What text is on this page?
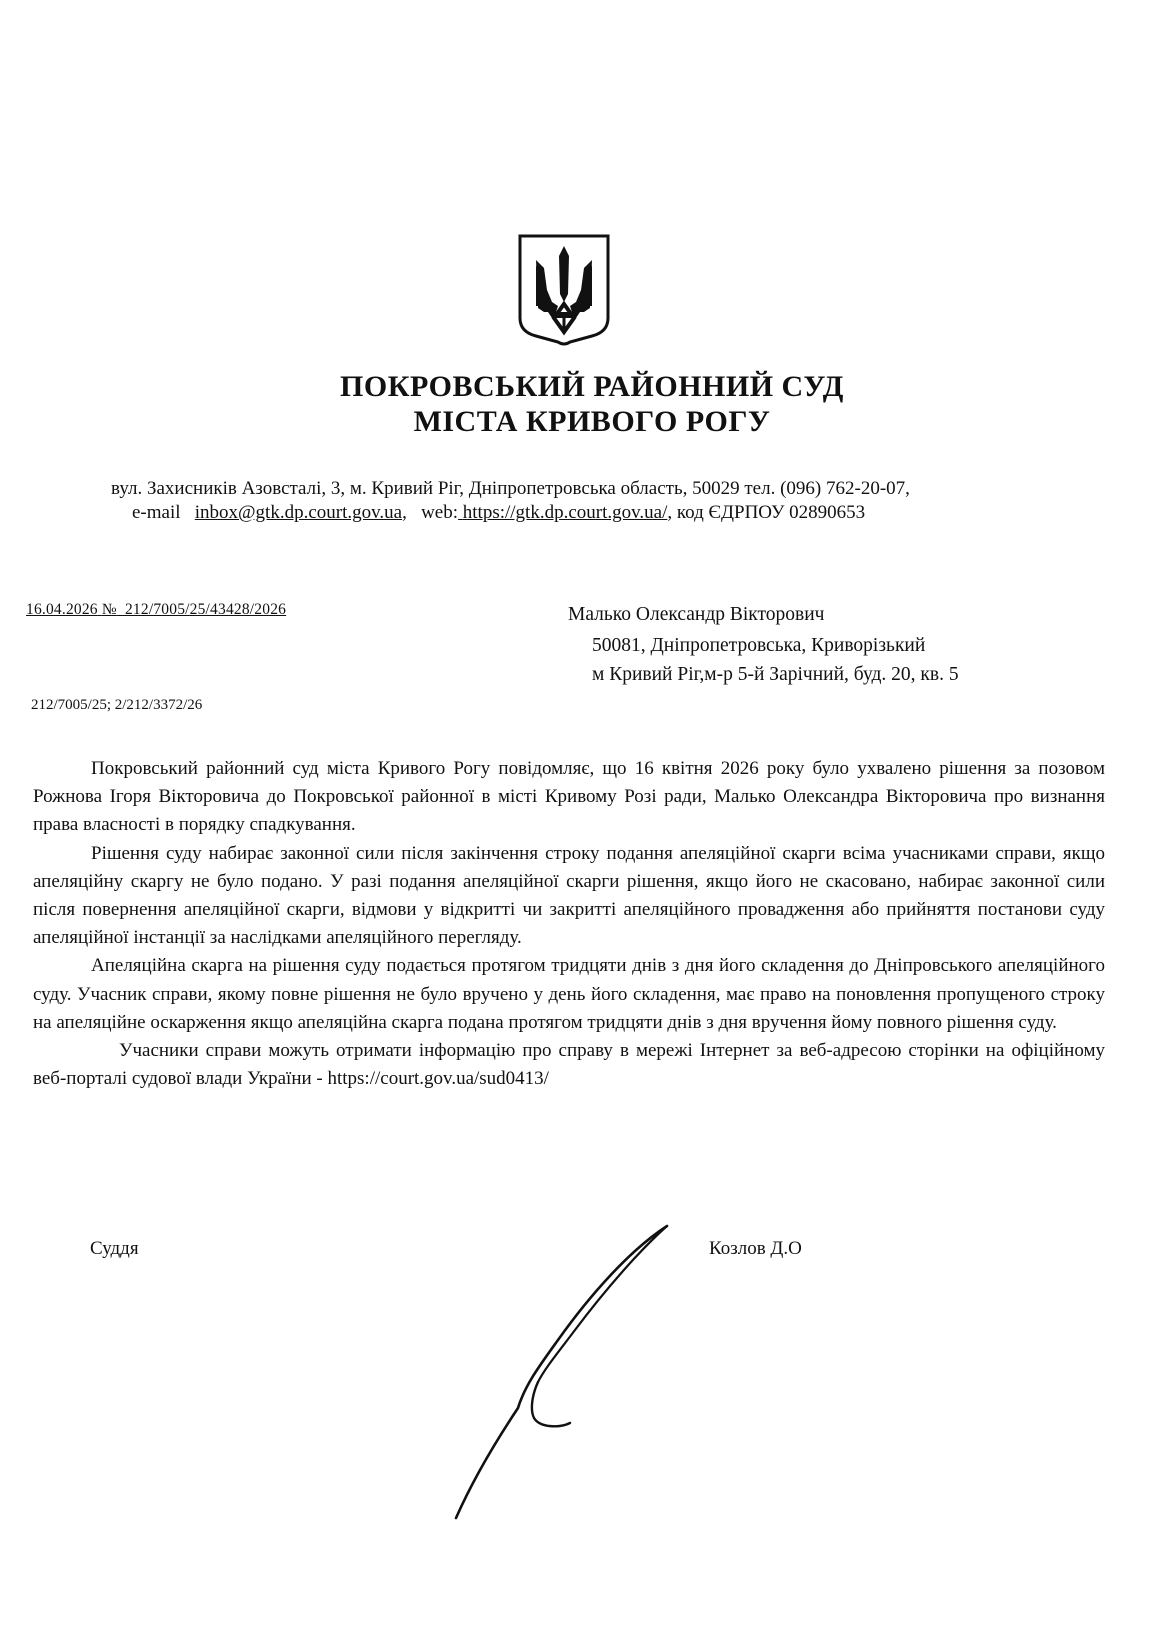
ПОКРОВСЬКИЙ РАЙОННИЙ СУД
МІСТА КРИВОГО РОГУ
вул. Захисників Азовсталі, 3, м. Кривий Ріг, Дніпропетровська область, 50029 тел. (096) 762-20-07,
e-mail inbox@gtk.dp.court.gov.ua,   web: https://gtk.dp.court.gov.ua/, код ЄДРПОУ 02890653
16.04.2026 № 212/7005/25/43428/2026
212/7005/25; 2/212/3372/26
Малько Олександр Вікторович
50081, Дніпропетровська, Криворізький
м Кривий Ріг,м-р 5-й Зарічний, буд. 20, кв. 5

Покровський районний суд міста Кривого Рогу повідомляє, що 16 квітня 2026 року було ухвалено рішення за позовом Рожнова Ігоря Вікторовича до Покровської районної в місті Кривому Розі ради, Малько Олександра Вікторовича про визнання права власності в порядку спадкування.

Рішення суду набирає законної сили після закінчення строку подання апеляційної скарги всіма учасниками справи, якщо апеляційну скаргу не було подано. У разі подання апеляційної скарги рішення, якщо його не скасовано, набирає законної сили після повернення апеляційної скарги, відмови у відкритті чи закритті апеляційного провадження або прийняття постанови суду апеляційної інстанції за наслідками апеляційного перегляду.

Апеляційна скарга на рішення суду подається протягом тридцяти днів з дня його складення до Дніпровського апеляційного суду. Учасник справи, якому повне рішення не було вручено у день його складення, має право на поновлення пропущеного строку на апеляційне оскарження якщо апеляційна скарга подана протягом тридцяти днів з дня вручення йому повного рішення суду.

Учасники справи можуть отримати інформацію про справу в мережі Інтернет за веб-адресою сторінки на офіційному веб-порталі судової влади України - https://court.gov.ua/sud0413/

Суддя	Козлов Д.О
